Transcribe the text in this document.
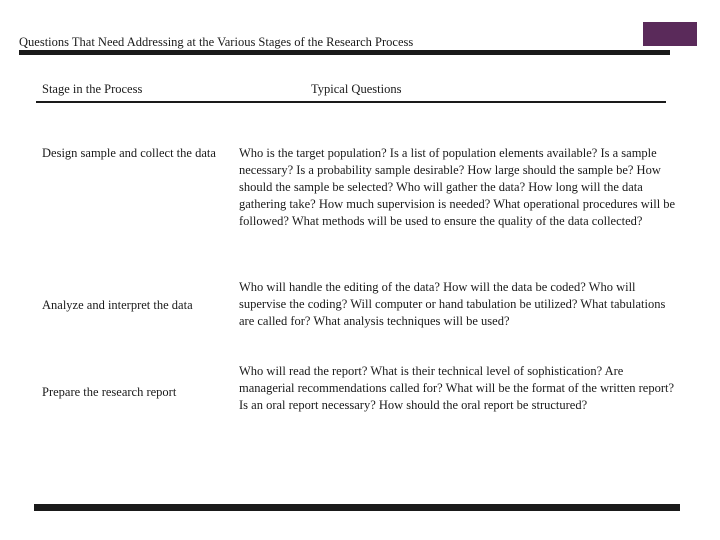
Questions That Need Addressing at the Various Stages of the Research Process
Stage in the Process	Typical Questions
Design sample and collect the data	Who is the target population? Is a list of population elements available? Is a sample necessary? Is a probability sample desirable? How large should the sample be? How should the sample be selected? Who will gather the data? How long will the data gathering take? How much supervision is needed? What operational procedures will be followed? What methods will be used to ensure the quality of the data collected?
Analyze and interpret the data
Who will handle the editing of the data? How will the data be coded? Who will supervise the coding? Will computer or hand tabulation be utilized? What tabulations are called for? What analysis techniques will be used?
Prepare the research report
Who will read the report? What is their technical level of sophistication? Are managerial recommendations called for? What will be the format of the written report? Is an oral report necessary? How should the oral report be structured?
